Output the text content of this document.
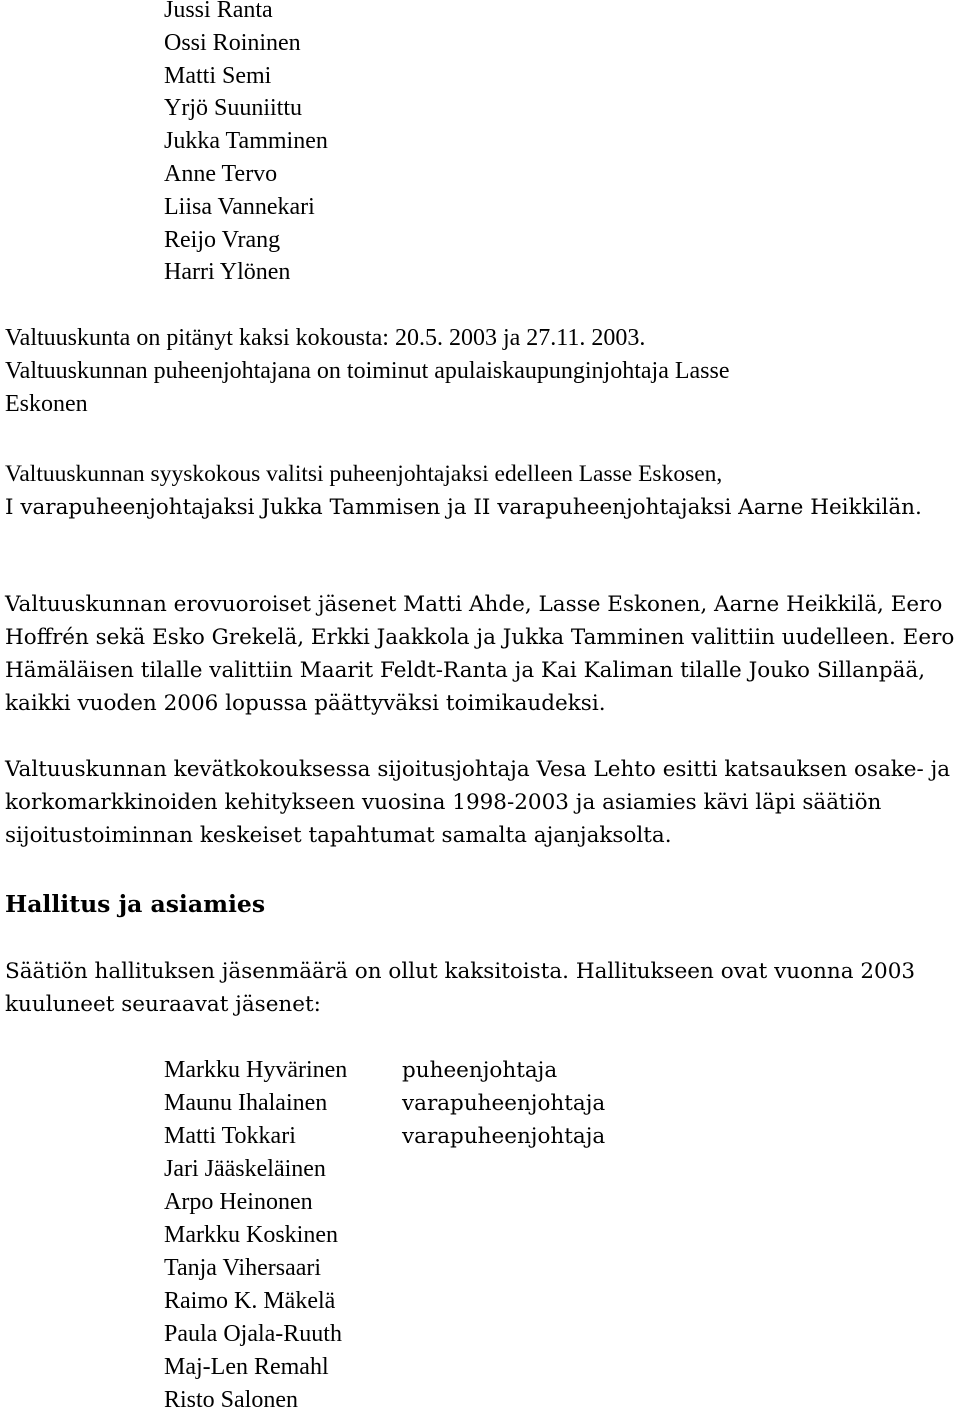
Jussi Ranta
Ossi Roininen
Matti Semi
Yrjö Suuniittu
Jukka Tamminen
Anne Tervo
Liisa Vannekari
Reijo Vrang
Harri Ylönen
Valtuuskunta on pitänyt kaksi kokousta: 20.5. 2003 ja 27.11. 2003.
Valtuuskunnan puheenjohtajana on toiminut apulaiskaupunginjohtaja Lasse
Eskonen

Valtuuskunnan syyskokous valitsi puheenjohtajaksi edelleen Lasse Eskosen,
I varapuheenjohtajaksi Jukka Tammisen ja II varapuheenjohtajaksi Aarne Heikkilän.

Valtuuskunnan erovuoroiset jäsenet Matti Ahde, Lasse Eskonen, Aarne Heikkilä, Eero Hoffrén sekä Esko Grekelä, Erkki Jaakkola ja Jukka Tamminen valittiin uudelleen. Eero Hämäläisen tilalle valittiin Maarit Feldt-Ranta ja Kai Kaliman tilalle Jouko Sillanpää, kaikki vuoden 2006 lopussa päättyväksi toimikaudeksi.

Valtuuskunnan kevätkokouksessa sijoitusjohtaja Vesa Lehto esitti katsauksen osake- ja korkomarkkinoiden kehitykseen vuosina 1998-2003 ja asiamies kävi läpi säätiön sijoitustoiminnan keskeiset tapahtumat samalta ajanjaksolta.

Hallitus ja asiamies

Säätiön hallituksen jäsenmäärä on ollut kaksitoista. Hallitukseen ovat vuonna 2003 kuuluneet seuraavat jäsenet:

Markku Hyvärinen	puheenjohtaja
Maunu Ihalainen	varapuheenjohtaja
Matti Tokkari	varapuheenjohtaja
Jari Jääskeläinen	
Arpo Heinonen	
Markku Koskinen	
Tanja Vihersaari	
Raimo K. Mäkelä	
Paula Ojala-Ruuth	
Maj-Len Remahl	
Risto Salonen	
